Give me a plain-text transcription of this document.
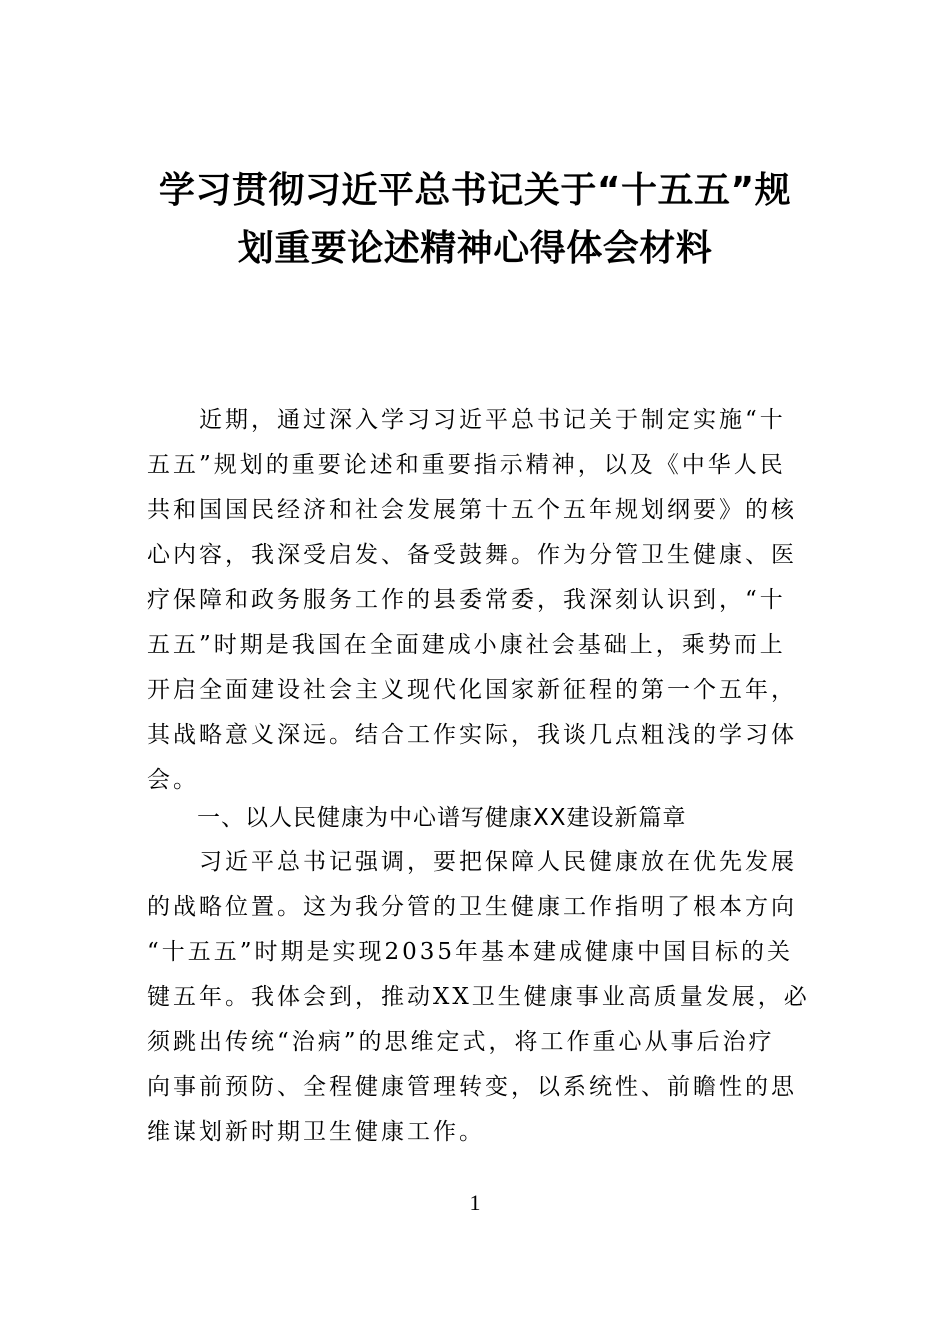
学习贯彻习近平总书记关于“十五五”规
划重要论述精神心得体会材料

近期，通过深入学习习近平总书记关于制定实施“十
五五”规划的重要论述和重要指示精神，以及《中华人民
共和国国民经济和社会发展第十五个五年规划纲要》的核
心内容，我深受启发、备受鼓舞。作为分管卫生健康、医
疗保障和政务服务工作的县委常委，我深刻认识到，“十
五五”时期是我国在全面建成小康社会基础上，乘势而上
开启全面建设社会主义现代化国家新征程的第一个五年，
其战略意义深远。结合工作实际，我谈几点粗浅的学习体
会。

一、以人民健康为中心谱写健康XX建设新篇章

习近平总书记强调，要把保障人民健康放在优先发展
的战略位置。这为我分管的卫生健康工作指明了根本方向
“十五五”时期是实现2035年基本建成健康中国目标的关
键五年。我体会到，推动XX卫生健康事业高质量发展，必
须跳出传统“治病”的思维定式，将工作重心从事后治疗
向事前预防、全程健康管理转变，以系统性、前瞻性的思
维谋划新时期卫生健康工作。

1
